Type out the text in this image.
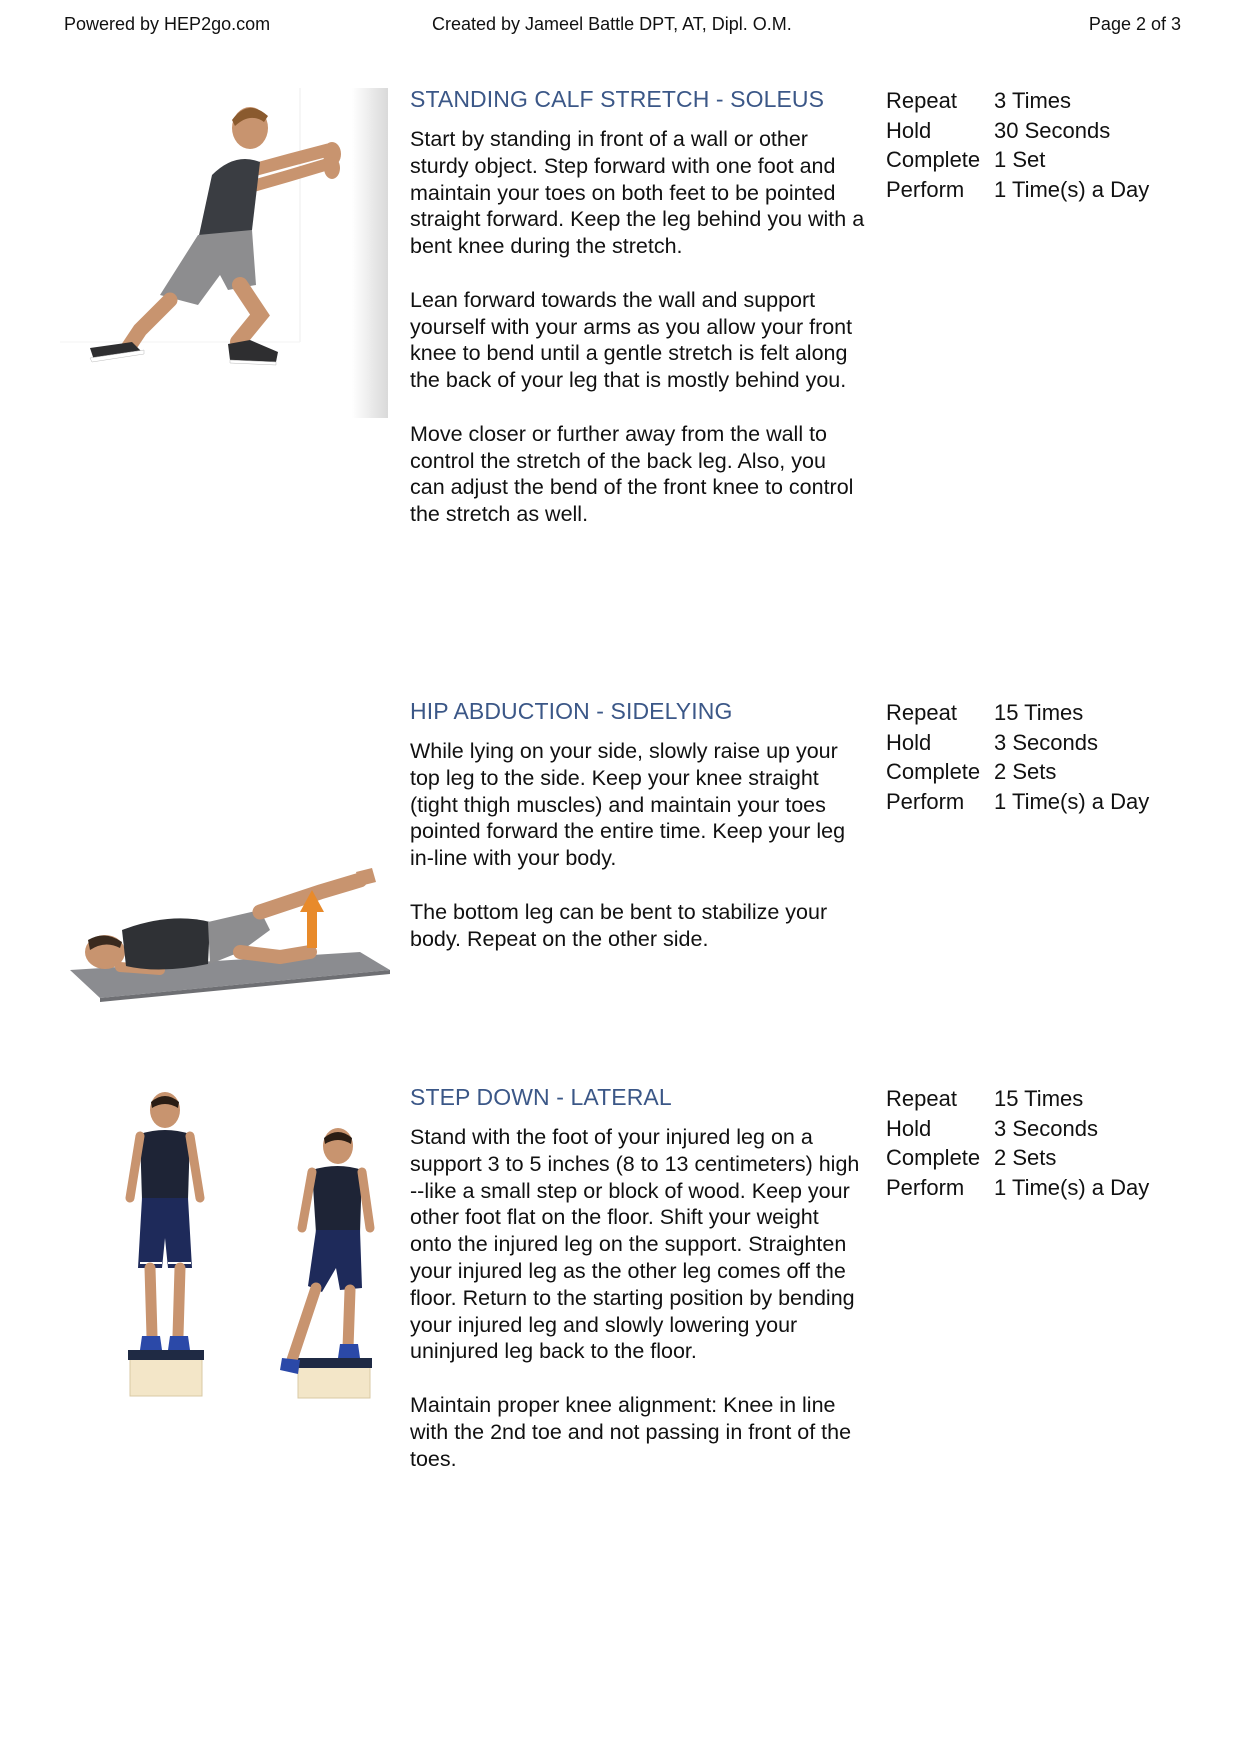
Powered by HEP2go.com	Created by Jameel Battle DPT, AT, Dipl. O.M.	Page 2 of 3
STANDING CALF STRETCH - SOLEUS

Start by standing in front of a wall or other sturdy object. Step forward with one foot and maintain your toes on both feet to be pointed straight forward. Keep the leg behind you with a bent knee during the stretch.

Lean forward towards the wall and support yourself with your arms as you allow your front knee to bend until a gentle stretch is felt along the back of your leg that is mostly behind you.

Move closer or further away from the wall to control the stretch of the back leg. Also, you can adjust the bend of the front knee to control the stretch as well.

Repeat	3 Times
Hold	30 Seconds
Complete 1 Set
Perform	1 Time(s) a Day
HIP ABDUCTION - SIDELYING

While lying on your side, slowly raise up your top leg to the side. Keep your knee straight (tight thigh muscles) and maintain your toes pointed forward the entire time. Keep your leg in-line with your body.

The bottom leg can be bent to stabilize your body. Repeat on the other side.

Repeat	15 Times
Hold	3 Seconds
Complete 2 Sets
Perform	1 Time(s) a Day
STEP DOWN - LATERAL

Stand with the foot of your injured leg on a support 3 to 5 inches (8 to 13 centimeters) high --like a small step or block of wood. Keep your other foot flat on the floor. Shift your weight onto the injured leg on the support. Straighten your injured leg as the other leg comes off the floor. Return to the starting position by bending your injured leg and slowly lowering your uninjured leg back to the floor.

Maintain proper knee alignment: Knee in line with the 2nd toe and not passing in front of the toes.

Repeat	15 Times
Hold	3 Seconds
Complete 2 Sets
Perform	1 Time(s) a Day
